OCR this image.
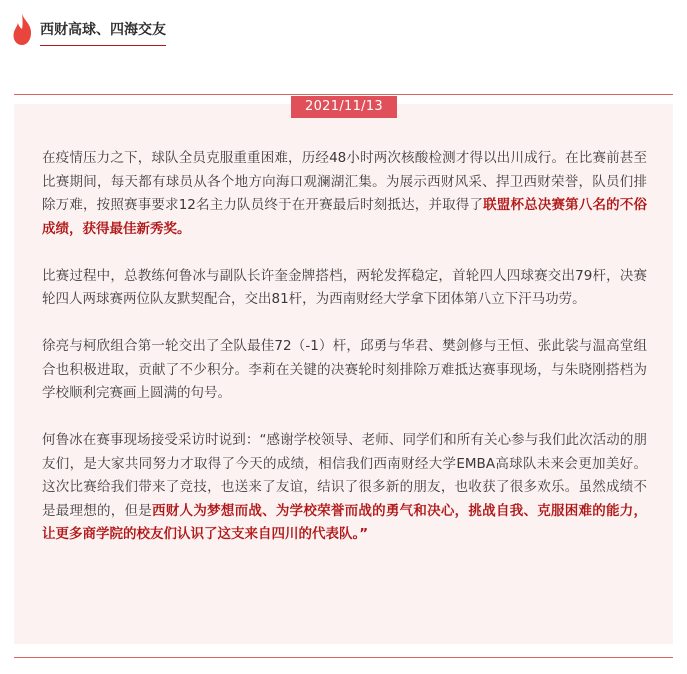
西财高球、四海交友
2021/11/13

在疫情压力之下，球队全员克服重重困难，历经48小时两次核酸检测才得以出川成行。在比赛前甚至比赛期间，每天都有球员从各个地方向海口观澜湖汇集。为展示西财风采、捍卫西财荣誉，队员们排除万难，按照赛事要求12名主力队员终于在开赛最后时刻抵达，并取得了联盟杯总决赛第八名的不俗成绩，获得最佳新秀奖。

比赛过程中，总教练何鲁冰与副队长许奎金牌搭档，两轮发挥稳定，首轮四人四球赛交出79杆，决赛轮四人两球赛两位队友默契配合，交出81杆，为西南财经大学拿下团体第八立下汗马功劳。

徐亮与柯欣组合第一轮交出了全队最佳72（-1）杆，邱勇与华君、樊剑修与王恒、张此裟与温高堂组合也积极进取，贡献了不少积分。李莉在关键的决赛轮时刻排除万难抵达赛事现场，与朱晓刚搭档为学校顺利完赛画上圆满的句号。

何鲁冰在赛事现场接受采访时说到：“感谢学校领导、老师、同学们和所有关心参与我们此次活动的朋友们，是大家共同努力才取得了今天的成绩，相信我们西南财经大学EMBA高球队未来会更加美好。这次比赛给我们带来了竞技，也送来了友谊，结识了很多新的朋友，也收获了很多欢乐。虽然成绩不是最理想的，但是西财人为梦想而战、为学校荣誉而战的勇气和决心，挑战自我、克服困难的能力，让更多商学院的校友们认识了这支来自四川的代表队。”
